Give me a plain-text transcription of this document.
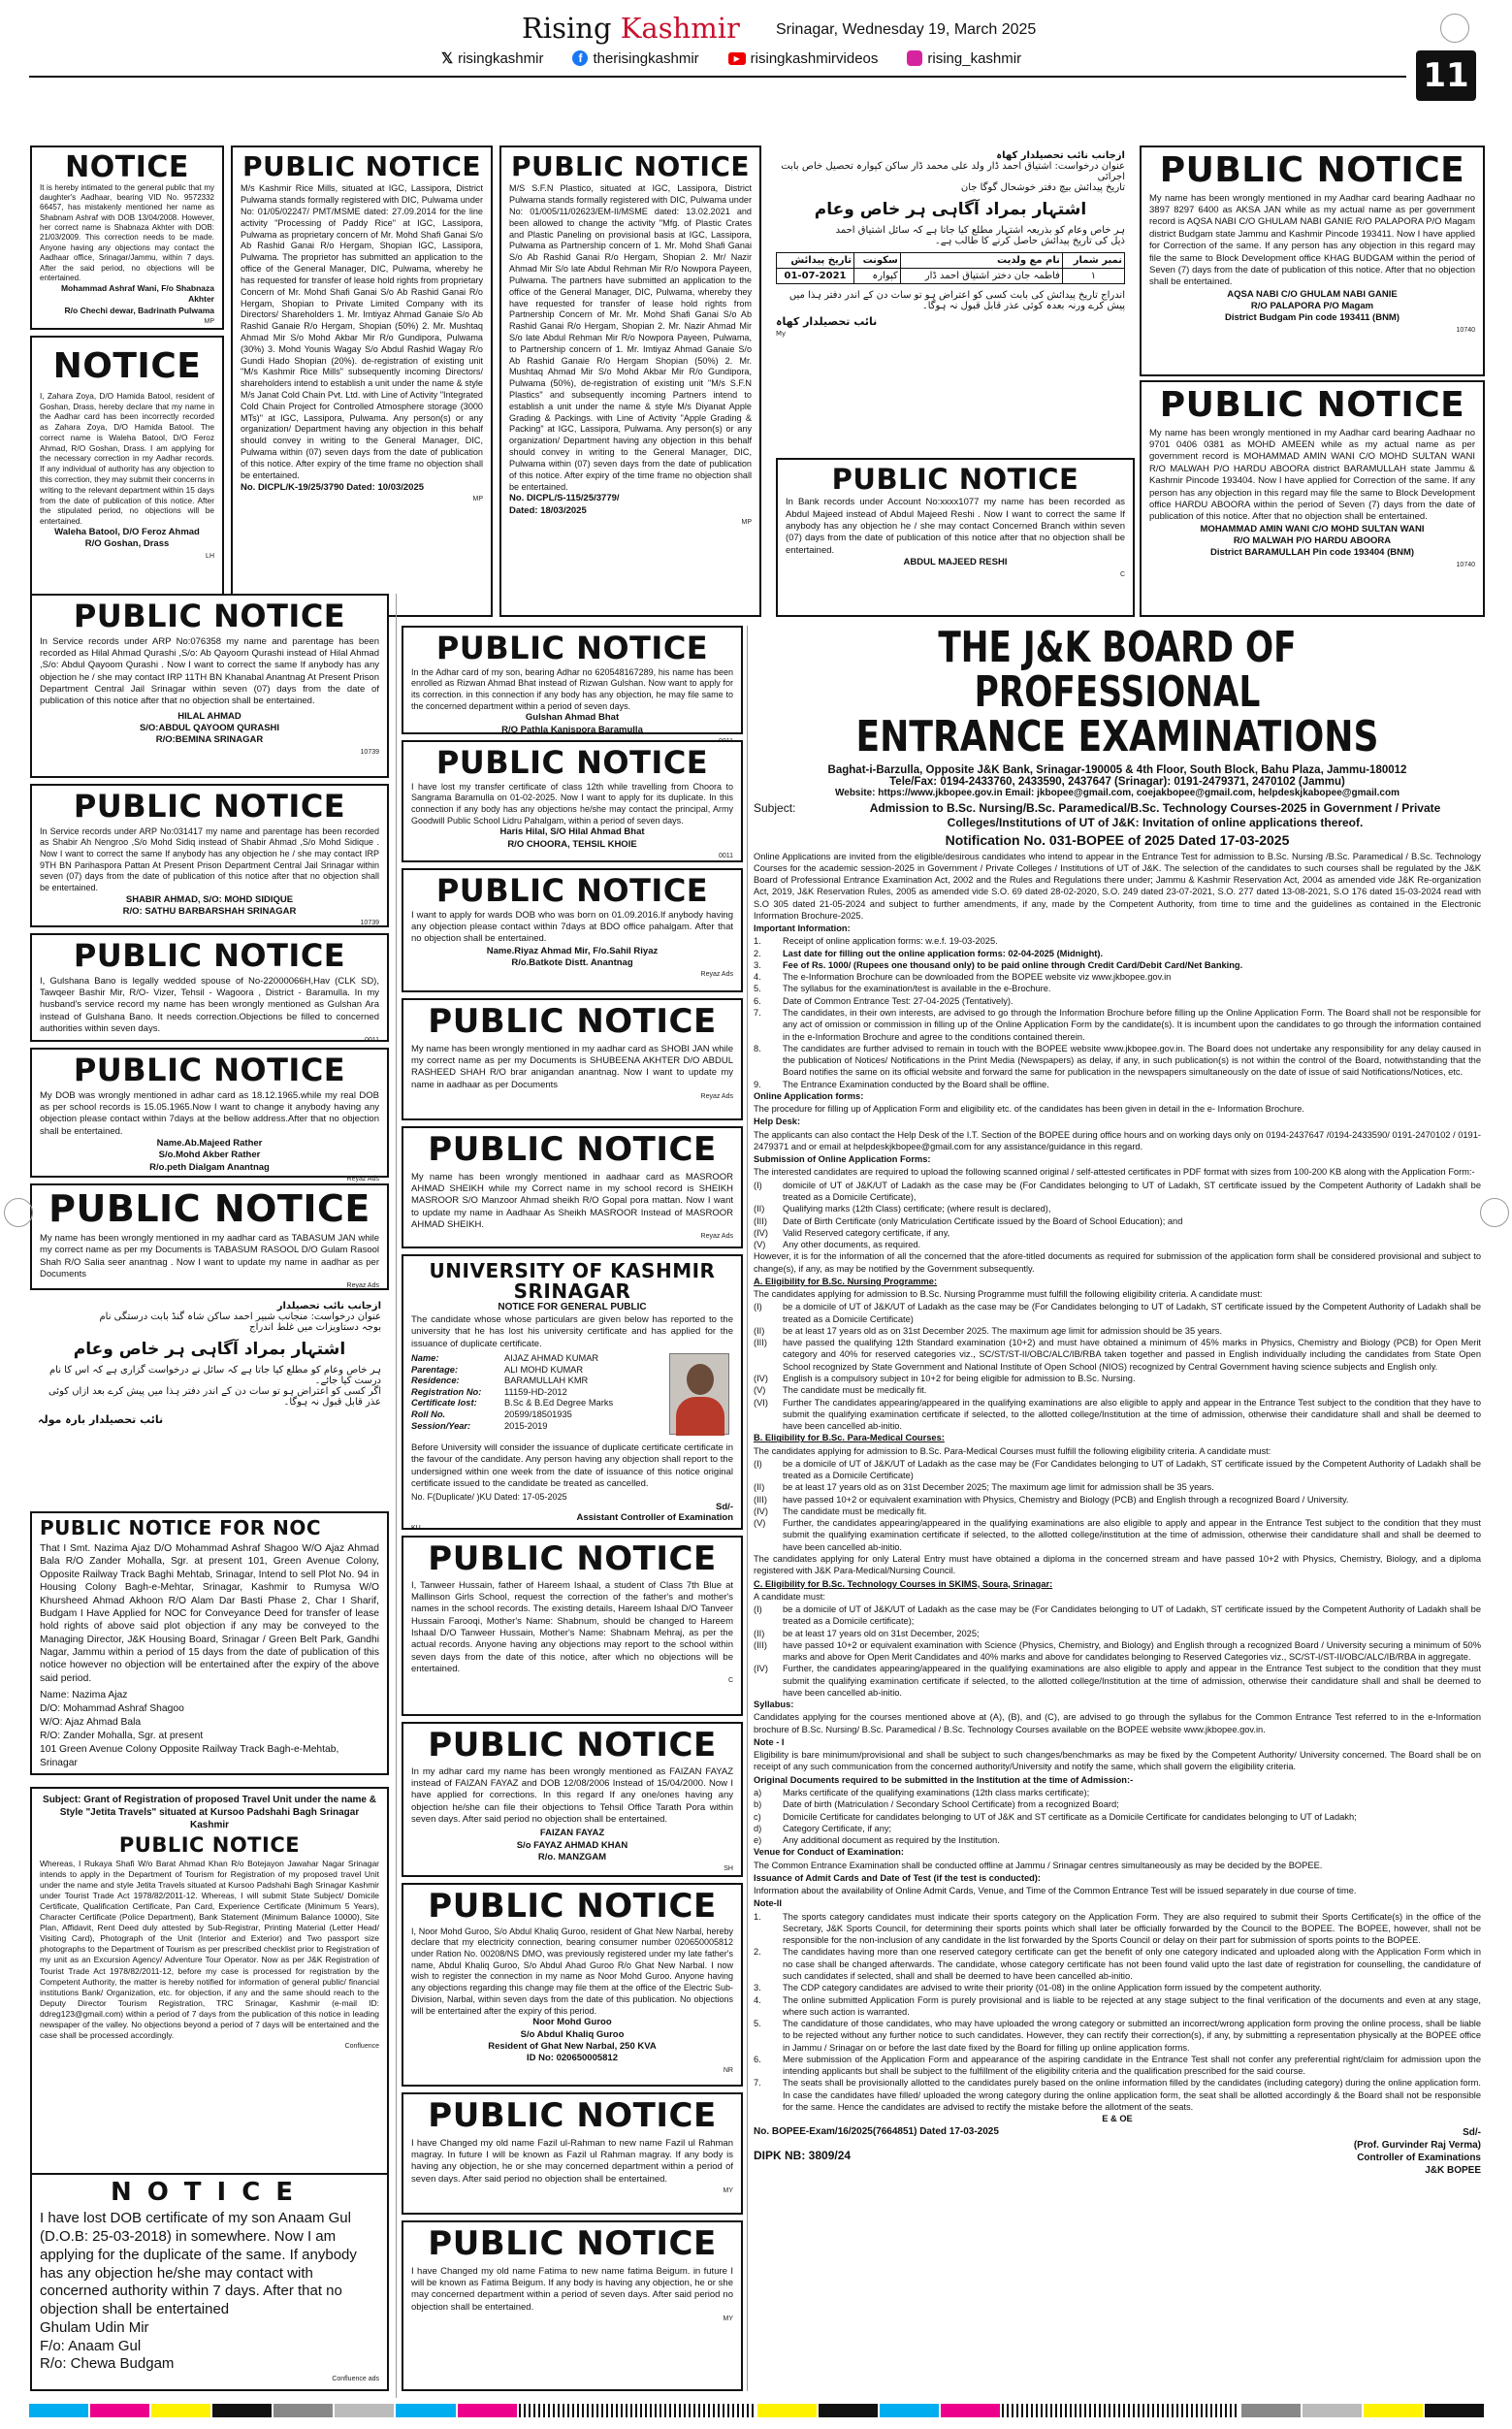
Rising Kashmir Srinagar, Wednesday 19, March 2025
11
𝕏 risingkashmir	f therisingkashmir	▶ risingkashmirvideos	rising_kashmir
NOTICE
It is hereby intimated to the general public that my daughter's Aadhaar, bearing VID No. 9572332 66457, has mistakenly mentioned her name as Shabnam Ashraf with DOB 13/04/2008. However, her correct name is Shabnaza Akhter with DOB: 21/03/2009. This correction needs to be made. Anyone having any objections may contact the Aadhaar office, Srinagar/Jammu, within 7 days. After the said period, no objections will be entertained.
Mohammad Ashraf Wani, F/o Shabnaza Akhter
R/o Chechi dewar, Badrinath Pulwama
MP
NOTICE
I, Zahara Zoya, D/O Hamida Batool, resident of Goshan, Drass, hereby declare that my name in the Aadhar card has been incorrectly recorded as Zahara Zoya, D/O Hamida Batool. The correct name is Waleha Batool, D/O Feroz Ahmad, R/O Goshan, Drass. I am applying for the necessary correction in my Aadhar records. If any individual of authority has any objection to this correction, they may submit their concerns in writing to the relevant department within 15 days from the date of publication of this notice. After the stipulated period, no objections will be entertained.
Waleha Batool, D/O Feroz Ahmad
R/O Goshan, Drass
LH
PUBLIC NOTICE
M/s Kashmir Rice Mills, situated at IGC, Lassipora, District Pulwama stands formally registered with DIC, Pulwama under No: 01/05/02247/ PMT/MSME dated: 27.09.2014 for the line activity "Processing of Paddy Rice" at IGC, Lassipora, Pulwama as proprietary concern of Mr. Mohd Shafi Ganai S/o Ab Rashid Ganai R/o Hergam, Shopian IGC, Lassipora, Pulwama. The proprietor has submitted an application to the office of the General Manager, DIC, Pulwama, whereby he has requested for transfer of lease hold rights from proprietary Concern of Mr. Mohd Shafi Ganai S/o Ab Rashid Ganai R/o Hergam, Shopian to Private Limited Company with its Directors/ Shareholders 1. Mr. Imtiyaz Ahmad Ganaie S/o Ab Rashid Ganaie R/o Hergam, Shopian (50%) 2. Mr. Mushtaq Ahmad Mir S/o Mohd Akbar Mir R/o Gundipora, Pulwama (30%) 3. Mohd Younis Wagay S/o Abdul Rashid Wagay R/o Gundi Hado Shopian (20%). de-registration of existing unit "M/s Kashmir Rice Mills" subsequently incoming Directors/ shareholders intend to establish a unit under the name & style M/s Janat Cold Chain Pvt. Ltd. with Line of Activity "Integrated Cold Chain Project for Controlled Atmosphere storage (3000 MTs)" at IGC, Lassipora, Pulwama. Any person(s) or any organization/ Department having any objection in this behalf should convey in writing to the General Manager, DIC, Pulwama within (07) seven days from the date of publication of this notice. After expiry of the time frame no objection shall be entertained.
No. DICPL/K-19/25/3790 Dated: 10/03/2025
MP
PUBLIC NOTICE
M/S S.F.N Plastico, situated at IGC, Lassipora, District Pulwama stands formally registered with DIC, Pulwama under No: 01/005/11/02623/EM-II/MSME dated: 13.02.2021 and been allowed to change the activity "Mfg. of Plastic Crates and Plastic Paneling on provisional basis at IGC, Lassipora, Pulwama as Partnership concern of 1. Mr. Mohd Shafi Ganai S/o Ab Rashid Ganai R/o Hergam, Shopian 2. Mr/ Nazir Ahmad Mir S/o late Abdul Rehman Mir R/o Nowpora Payeen, Pulwama. The partners have submitted an application to the office of the General Manager, DIC, Pulwama, whereby they have requested for transfer of lease hold rights from Partnership Concern of Mr. Mr. Mohd Shafi Ganai S/o Ab Rashid Ganai R/o Hergam, Shopian 2. Mr. Nazir Ahmad Mir S/o late Abdul Rehman Mir R/o Nowpora Payeen, Pulwama, to Partnership concern of 1. Mr. Imtiyaz Ahmad Ganaie S/o Ab Rashid Ganaie R/o Hergam Shopian (50%) 2. Mr. Mushtaq Ahmad Mir S/o Mohd Akbar Mir R/o Gundipora, Pulwama (50%), de-registration of existing unit "M/s S.F.N Plastics" and subsequently incoming Partners intend to establish a unit under the name & style M/s Diyanat Apple Grading & Packings. with Line of Activity "Apple Grading & Packing" at IGC, Lassipora, Pulwama. Any person(s) or any organization/ Department having any objection in this behalf should convey in writing to the General Manager, DIC, Pulwama within (07) seven days from the date of publication of this notice. After expiry of the time frame no objection shall be entertained.
No. DICPL/S-115/25/3779/
Dated: 18/03/2025
MP
ازجانب نائب تحصیلدار کھاہ
عنوان درخواست: اشتیاق احمد ڈار ولد علی محمد ڈار ساکن کپوارہ تحصیل خاص بابت اجرائی
تاریخ پیدائش بیچ دفتر خوشحال گوگا جان
اشتہار بمراد آگاہی ہر خاص وعام
ہر خاص وعام کو بذریعہ اشتہار مطلع کیا جاتا ہے کہ سائل اشتیاق احمد
ذیل کی تاریخ پیدائش حاصل کرنے کا طالب ہے۔
نمبر شمار	نام مع ولدیت	سکونت	تاریخ پیدائش
۱	فاطمہ جان دختر اشتیاق احمد ڈار	کپوارہ	01-07-2021
اندراج تاریخ پیدائش کی بابت کسی کو اعتراض ہو تو سات دن کے اندر دفتر ہذا میں پیش کرے ورنہ بعدہ کوئی عذر قابل قبول نہ ہوگا۔
نائب تحصیلدار کھاہ
My
PUBLIC NOTICE
In Bank records under Account No:xxxx1077 my name has been recorded as Abdul Majeed instead of Abdul Majeed Reshi . Now I want to correct the same If anybody has any objection he / she may contact Concerned Branch within seven (07) days from the date of publication of this notice after that no objection shall be entertained.
ABDUL MAJEED RESHI
C
PUBLIC NOTICE
My name has been wrongly mentioned in my Aadhar card bearing Aadhaar no 3897 8297 6400 as AKSA JAN while as my actual name as per government record is AQSA NABI C/O GHULAM NABI GANIE R/O PALAPORA P/O Magam district Budgam state Jammu and Kashmir Pincode 193411. Now I have applied for Correction of the same. If any person has any objection in this regard may file the same to Block Development office KHAG BUDGAM within the period of Seven (7) days from the date of publication of this notice. After that no objection shall be entertained.
AQSA NABI C/O GHULAM NABI GANIE
R/O PALAPORA P/O Magam
District Budgam Pin code 193411 (BNM)
10740
PUBLIC NOTICE
My name has been wrongly mentioned in my Aadhar card bearing Aadhaar no 9701 0406 0381 as MOHD AMEEN while as my actual name as per government record is MOHAMMAD AMIN WANI C/O MOHD SULTAN WANI R/O MALWAH P/O HARDU ABOORA district BARAMULLAH state Jammu & Kashmir Pincode 193404. Now I have applied for Correction of the same. If any person has any objection in this regard may file the same to Block Development office HARDU ABOORA within the period of Seven (7) days from the date of publication of this notice. After that no objection shall be entertained.
MOHAMMAD AMIN WANI C/O MOHD SULTAN WANI
R/O MALWAH P/O HARDU ABOORA
District BARAMULLAH Pin code 193404 (BNM)
10740
PUBLIC NOTICE
In Service records under ARP No:076358 my name and parentage has been recorded as Hilal Ahmad Qurashi ,S/o: Ab Qayoom Qurashi instead of Hilal Ahmad ,S/o: Abdul Qayoom Qurashi . Now I want to correct the same If anybody has any objection he / she may contact IRP 11TH BN Khanabal Anantnag At Present Prison Department Central Jail Srinagar within seven (07) days from the date of publication of this notice after that no objection shall be entertained.
HILAL AHMAD
S/O:ABDUL QAYOOM QURASHI
R/O:BEMINA SRINAGAR
10739
PUBLIC NOTICE
In Service records under ARP No:031417 my name and parentage has been recorded as Shabir Ah Nengroo ,S/o Mohd Sidiq instead of Shabir Ahmad ,S/o Mohd Sidique . Now I want to correct the same If anybody has any objection he / she may contact IRP 9TH BN Parihaspora Pattan At Present Prison Department Central Jail Srinagar within seven (07) days from the date of publication of this notice after that no objection shall be entertained.
SHABIR AHMAD, S/O: MOHD SIDIQUE
R/O: SATHU BARBARSHAH SRINAGAR
10739
PUBLIC NOTICE
I, Gulshana Bano is legally wedded spouse of No-22000066H,Hav (CLK SD), Tawqeer Bashir Mir, R/O- Vizer, Tehsil - Wagoora , District - Baramulla. In my husband's service record my name has been wrongly mentioned as Gulshan Ara instead of Gulshana Bano. It needs correction.Objections be filled to concerned authorities within seven days.
0011
PUBLIC NOTICE
My DOB was wrongly mentioned in adhar card as 18.12.1965.while my real DOB as per school records is 15.05.1965.Now I want to change it anybody having any objection please contact within 7days at the bellow address.After that no objection shall be entertained.
Name.Ab.Majeed Rather
S/o.Mohd Akber Rather
R/o.peth Dialgam Anantnag
Reyaz Ads
PUBLIC NOTICE
My name has been wrongly mentioned in my aadhar card as TABASUM JAN while my correct name as per my Documents is TABASUM RASOOL D/O Gulam Rasool Shah R/O Salia seer anantnag . Now I want to update my name in aadhar as per Documents
Reyaz Ads
ازجانب نائب تحصیلدار
عنوان درخواست: منجانب شبیر احمد ساکن شاہ گنڈ بابت درستگی نام
بوجہ دستاویزات میں غلط اندراج
اشتہار بمراد آگاہی ہر خاص وعام
ہر خاص وعام کو مطلع کیا جاتا ہے کہ سائل نے درخواست گزاری ہے کہ اس کا نام درست کیا جائے۔
اگر کسی کو اعتراض ہو تو سات دن کے اندر دفتر ہذا میں پیش کرے بعد ازاں کوئی عذر قابل قبول نہ ہوگا۔
نائب تحصیلدار بارہ مولہ
PUBLIC NOTICE FOR NOC
That I Smt. Nazima Ajaz D/O Mohammad Ashraf Shagoo W/O Ajaz Ahmad Bala R/O Zander Mohalla, Sgr. at present 101, Green Avenue Colony, Opposite Railway Track Baghi Mehtab, Srinagar, Intend to sell Plot No. 94 in Housing Colony Bagh-e-Mehtar, Srinagar, Kashmir to Rumysa W/O Khursheed Ahmad Akhoon R/O Alam Dar Basti Phase 2, Char I Sharif, Budgam I Have Applied for NOC for Conveyance Deed for transfer of lease hold rights of above said plot objection if any may be conveyed to the Managing Director, J&K Housing Board, Srinagar / Green Belt Park, Gandhi Nagar, Jammu within a period of 15 days from the date of publication of this notice however no objection will be entertained after the expiry of the above said period.
Name: Nazima Ajaz
D/O: Mohammad Ashraf Shagoo
W/O: Ajaz Ahmad Bala
R/O: Zander Mohalla, Sgr. at present
101 Green Avenue Colony Opposite Railway Track Bagh-e-Mehtab, Srinagar
Subject: Grant of Registration of proposed Travel Unit under the name & Style "Jetita Travels" situated at Kursoo Padshahi Bagh Srinagar Kashmir
PUBLIC NOTICE
Whereas, I Rukaya Shafi W/o Barat Ahmad Khan R/o Botejayon Jawahar Nagar Srinagar intends to apply in the Department of Tourism for Registration of my proposed travel Unit under the name and style Jetita Travels situated at Kursoo Padshahi Bagh Srinagar Kashmir under Tourist Trade Act 1978/82/2011-12. Whereas, I will submit State Subject/ Domicile Certificate, Qualification Certificate, Pan Card, Experience Certificate (Minimum 5 Years), Character Certificate (Police Department), Bank Statement (Minimum Balance 10000), Site Plan, Affidavit, Rent Deed duly attested by Sub-Registrar, Printing Material (Letter Head/ Visiting Card), Photograph of the Unit (Interior and Exterior) and Two passport size photographs to the Department of Tourism as per prescribed checklist prior to Registration of my unit as an Excursion Agency/ Adventure Tour Operator. Now as per J&K Registration of Tourist Trade Act 1978/82/2011-12, before my case is processed for registration by the Competent Authority, the matter is hereby notified for information of general public/ financial institutions Bank/ Organization, etc. for objection, if any and the same should reach to the Deputy Director Tourism Registration, TRC Srinagar, Kashmir (e-mail ID: ddreg123@gmail.com) within a period of 7 days from the publication of this notice in leading newspaper of the valley. No objections beyond a period of 7 days will be entertained and the case shall be processed accordingly.
Confluence
NOTICE
I have lost DOB certificate of my son Anaam Gul (D.O.B: 25-03-2018) in somewhere. Now I am applying for the duplicate of the same. If anybody has any objection he/she may contact with concerned authority within 7 days. After that no objection shall be entertained
Ghulam Udin Mir
F/o: Anaam Gul
R/o: Chewa Budgam
Confluence ads
PUBLIC NOTICE
In the Adhar card of my son, bearing Adhar no 620548167289, his name has been enrolled as Rizwan Ahmad Bhat instead of Rizwan Gulshan. Now want to apply for its correction. in this connection if any body has any objection, he may file same to the concerned department within a period of seven days.
Gulshan Ahmad Bhat
R/O Pathla Kanispora Baramulla
PUBLIC NOTICE
I have lost my transfer certificate of class 12th while travelling from Choora to Sangrama Baramulla on 01-02-2025. Now I want to apply for its duplicate. In this connection if any body has any objections he/she may contact the principal, Army Goodwill Public School Lidru Pahalgam, within a period of seven days.
Haris Hilal, S/O Hilal Ahmad Bhat
R/O CHOORA, TEHSIL KHOIE
0011
PUBLIC NOTICE
I want to apply for wards DOB who was born on 01.09.2016.If anybody having any objection please contact within 7days at BDO office pahalgam. After that no objection shall be entertained.
Name.Riyaz Ahmad Mir, F/o.Sahil Riyaz
R/o.Batkote Distt. Anantnag
Reyaz Ads
PUBLIC NOTICE
My name has been wrongly mentioned in my aadhar card as SHOBI JAN while my correct name as per my Documents is SHUBEENA AKHTER D/O ABDUL RASHEED SHAH R/O brar anigandan anantnag. Now I want to update my name in aadhaar as per Documents
Reyaz Ads
PUBLIC NOTICE
My name has been wrongly mentioned in aadhaar card as MASROOR AHMAD SHEIKH while my Correct name in my school record is SHEIKH MASROOR S/O Manzoor Ahmad sheikh R/O Gopal pora mattan. Now I want to update my name in Aadhaar As Sheikh MASROOR Instead of MASROOR AHMAD SHEIKH.
Reyaz Ads
UNIVERSITY OF KASHMIR SRINAGAR
NOTICE FOR GENERAL PUBLIC
The candidate whose whose particulars are given below has reported to the university that he has lost his university certificate and has applied for the issuance of duplicate certificate.
Name:	AIJAZ AHMAD KUMAR
Parentage:	ALI MOHD KUMAR
Residence:	BARAMULLAH KMR
Registration No:	11159-HD-2012
Certificate lost:	B.Sc & B.Ed Degree Marks
Roll No.	20599/18501935
Session/Year:	2015-2019
Before University will consider the issuance of duplicate certificate certificate in the favour of the candidate. Any person having any objection shall report to the undersigned within one week from the date of issuance of this notice original certificate issued to the candidate be treated as cancelled.
No. F(Duplicate/ )KU Dated: 17-05-2025
Sd/-
Assistant Controller of Examination
KU
PUBLIC NOTICE
I, Tanweer Hussain, father of Hareem Ishaal, a student of Class 7th Blue at Mallinson Girls School, request the correction of the father's and mother's names in the school records. The existing details, Hareem Ishaal D/O Tanveer Hussain Farooqi, Mother's Name: Shabnum, should be changed to Hareem Ishaal D/O Tanweer Hussain, Mother's Name: Shabnam Mehraj, as per the actual records. Anyone having any objections may report to the school within seven days from the date of this notice, after which no objections will be entertained.
C
PUBLIC NOTICE
In my adhar card my name has been wrongly mentioned as FAIZAN FAYAZ instead of FAIZAN FAYAZ and DOB 12/08/2006 Instead of 15/04/2000. Now I have applied for corrections. In this regard If any one/ones having any objection he/she can file their objections to Tehsil Office Tarath Pora within seven days. After said period no objection shall be entertained.
FAIZAN FAYAZ
S/o FAYAZ AHMAD KHAN
R/o. MANZGAM
SH
PUBLIC NOTICE
I, Noor Mohd Guroo, S/o Abdul Khaliq Guroo, resident of Ghat New Narbal, hereby declare that my electricity connection, bearing consumer number 020650005812 under Ration No. 00208/NS DMO, was previously registered under my late father's name, Abdul Khaliq Guroo, S/o Abdul Ahad Guroo R/o Ghat New Narbal. I now wish to register the connection in my name as Noor Mohd Guroo. Anyone having any objections regarding this change may file them at the office of the Electric Sub-Division, Narbal, within seven days from the date of this publication. No objections will be entertained after the expiry of this period.
Noor Mohd Guroo
S/o Abdul Khaliq Guroo
Resident of Ghat New Narbal, 250 KVA
ID No: 020650005812
NR
PUBLIC NOTICE
I have Changed my old name Fazil ul-Rahman to new name Fazil ul Rahman magray. In future I will be known as Fazil ul Rahman magray. If any body is having any objection, he or she may concerned department within a period of seven days. After said period no objection shall be entertained.
MY
PUBLIC NOTICE
I have Changed my old name Fatima to new name fatima Beigum. in future I will be known as Fatima Beigum. If any body is having any objection, he or she may concerned department within a period of seven days. After said period no objection shall be entertained.
MY
THE J&K BOARD OF PROFESSIONAL
ENTRANCE EXAMINATIONS
Baghat-i-Barzulla, Opposite J&K Bank, Srinagar-190005 & 4th Floor, South Block, Bahu Plaza, Jammu-180012
Tele/Fax: 0194-2433760, 2433590, 2437647 (Srinagar): 0191-2479371, 2470102 (Jammu)
Website: https://www.jkbopee.gov.in Email: jkbopee@gmail.com, coejakbopee@gmail.com, helpdeskjkabopee@gmail.com
Subject:	Admission to B.Sc. Nursing/B.Sc. Paramedical/B.Sc. Technology Courses-2025 in Government / Private Colleges/Institutions of UT of J&K: Invitation of online applications thereof.
Notification No. 031-BOPEE of 2025 Dated 17-03-2025

Online Applications are invited from the eligible/desirous candidates who intend to appear in the Entrance Test for admission to B.Sc. Nursing /B.Sc. Paramedical / B.Sc. Technology Courses for the academic session-2025 in Government / Private Colleges / Institutions of UT of J&K. The selection of the candidates to such courses shall be regulated by the J&K Board of Professional Entrance Examination Act, 2002 and the Rules and Regulations there under; Jammu & Kashmir Reservation Act, 2004 as amended vide J&K Re-organization Act, 2019, J&K Reservation Rules, 2005 as amended vide S.O. 69 dated 28-02-2020, S.O. 249 dated 23-07-2021, S.O. 277 dated 13-08-2021, S.O 176 dated 15-03-2024 read with S.O 305 dated 21-05-2024 and subject to further amendments, if any, made by the Competent Authority, from time to time and the guidelines as contained in the Electronic Information Brochure-2025.

Important Information:

1.	Receipt of online application forms: w.e.f. 19-03-2025.
2.	Last date for filling out the online application forms: 02-04-2025 (Midnight).
3.	Fee of Rs. 1000/ (Rupees one thousand only) to be paid online through Credit Card/Debit Card/Net Banking.
4.	The e-Information Brochure can be downloaded from the BOPEE website viz www.jkbopee.gov.in
5.	The syllabus for the examination/test is available in the e-Brochure.
6.	Date of Common Entrance Test: 27-04-2025 (Tentatively).
7.	The candidates, in their own interests, are advised to go through the Information Brochure before filling up the Online Application Form. The Board shall not be responsible for any act of omission or commission in filling up of the Online Application Form by the candidate(s). It is incumbent upon the candidates to go through the information contained in the e-Information Brochure and agree to the conditions contained therein.
8.	The candidates are further advised to remain in touch with the BOPEE website www.jkbopee.gov.in. The Board does not undertake any responsibility for any delay caused in the publication of Notices/ Notifications in the Print Media (Newspapers) as delay, if any, in such publication(s) is not within the control of the Board, notwithstanding that the Board notifies the same on its official website and forward the same for publication in the newspapers simultaneously on the date of issue of said Notifications/Notices, etc.
9.	The Entrance Examination conducted by the Board shall be offline.

Online Application forms:

The procedure for filling up of Application Form and eligibility etc. of the candidates has been given in detail in the e- Information Brochure.

Help Desk:

The applicants can also contact the Help Desk of the I.T. Section of the BOPEE during office hours and on working days only on 0194-2437647 /0194-2433590/ 0191-2470102 / 0191-2479371 and or email at helpdeskjkbopee@gmail.com for any assistance/guidance in this regard.

Submission of Online Application Forms:

The interested candidates are required to upload the following scanned original / self-attested certificates in PDF format with sizes from 100-200 KB along with the Application Form:-

(I)	domicile of UT of J&K/UT of Ladakh as the case may be (For Candidates belonging to UT of Ladakh, ST certificate issued by the Competent Authority of Ladakh shall be treated as a Domicile Certificate),
(II)	Qualifying marks (12th Class) certificate; (where result is declared),
(III)	Date of Birth Certificate (only Matriculation Certificate issued by the Board of School Education); and
(IV)	Valid Reserved category certificate, if any,
(V)	Any other documents, as required.

However, it is for the information of all the concerned that the afore-titled documents as required for submission of the application form shall be considered provisional and subject to change(s), if any, as may be notified by the Government subsequently.

A. Eligibility for B.Sc. Nursing Programme:

The candidates applying for admission to B.Sc. Nursing Programme must fulfill the following eligibility criteria. A candidate must:

(I)	be a domicile of UT of J&K/UT of Ladakh as the case may be (For Candidates belonging to UT of Ladakh, ST certificate issued by the Competent Authority of Ladakh shall be treated as a Domicile Certificate)
(II)	be at least 17 years old as on 31st December 2025. The maximum age limit for admission should be 35 years.
(III)	have passed the qualifying 12th Standard examination (10+2) and must have obtained a minimum of 45% marks in Physics, Chemistry and Biology (PCB) for Open Merit category and 40% for reserved categories viz., SC/ST/ST-II/OBC/ALC/IB/RBA taken together and passed in English individually including the candidates from State Open School recognized by State Government and National Institute of Open School (NIOS) recognized by Central Government having science subjects and English only.
(IV)	English is a compulsory subject in 10+2 for being eligible for admission to B.Sc. Nursing.
(V)	The candidate must be medically fit.
(VI)	Further The candidates appearing/appeared in the qualifying examinations are also eligible to apply and appear in the Entrance Test subject to the condition that they have to submit the qualifying examination certificate if selected, to the allotted college/Institution at the time of admission, otherwise their candidature shall and shall be deemed to have been cancelled ab-initio.

B. Eligibility for B.Sc. Para-Medical Courses:

The candidates applying for admission to B.Sc. Para-Medical Courses must fulfill the following eligibility criteria. A candidate must:

(I)	be a domicile of UT of J&K/UT of Ladakh as the case may be (For Candidates belonging to UT of Ladakh, ST certificate issued by the Competent Authority of Ladakh shall be treated as a Domicile Certificate)
(II)	be at least 17 years old as on 31st December 2025; The maximum age limit for admission shall be 35 years.
(III)	have passed 10+2 or equivalent examination with Physics, Chemistry and Biology (PCB) and English through a recognized Board / University.
(IV)	The candidate must be medically fit.
(V)	Further, the candidates appearing/appeared in the qualifying examinations are also eligible to apply and appear in the Entrance Test subject to the condition that they must submit the qualifying examination certificate if selected, to the allotted college/institution at the time of admission, otherwise their candidature shall and shall be deemed to have been cancelled ab-initio.

The candidates applying for only Lateral Entry must have obtained a diploma in the concerned stream and have passed 10+2 with Physics, Chemistry, Biology, and a diploma registered with J&K Para-Medical/Nursing Council.

C. Eligibility for B.Sc. Technology Courses in SKIMS, Soura, Srinagar:

A candidate must:

(I)	be a domicile of UT of J&K/UT of Ladakh as the case may be (For Candidates belonging to UT of Ladakh, ST certificate issued by the Competent Authority of Ladakh shall be treated as a Domicile certificate);
(II)	be at least 17 years old on 31st December, 2025;
(III)	have passed 10+2 or equivalent examination with Science (Physics, Chemistry, and Biology) and English through a recognized Board / University securing a minimum of 50% marks and above for Open Merit Candidates and 40% marks and above for candidates belonging to Reserved Categories viz., SC/ST-I/ST-II/OBC/ALC/IB/RBA in aggregate.
(IV)	Further, the candidates appearing/appeared in the qualifying examinations are also eligible to apply and appear in the Entrance Test subject to the condition that they must submit the qualifying examination certificate if selected, to the allotted college/Institution at the time of admission, otherwise their candidature shall and shall be deemed to have been cancelled ab-initio.

Syllabus:

Candidates applying for the courses mentioned above at (A), (B), and (C), are advised to go through the syllabus for the Common Entrance Test referred to in the e-Information brochure of B.Sc. Nursing/ B.Sc. Paramedical / B.Sc. Technology Courses available on the BOPEE website www.jkbopee.gov.in.

Note - I

Eligibility is bare minimum/provisional and shall be subject to such changes/benchmarks as may be fixed by the Competent Authority/ University concerned. The Board shall be on receipt of any such communication from the concerned authority/University and notify the same, which shall govern the eligibility criteria.

Original Documents required to be submitted in the Institution at the time of Admission:-

a)	Marks certificate of the qualifying examinations (12th class marks certificate);
b)	Date of birth (Matriculation / Secondary School Certificate) from a recognized Board;
c)	Domicile Certificate for candidates belonging to UT of J&K and ST certificate as a Domicile Certificate for candidates belonging to UT of Ladakh;
d)	Category Certificate, if any;
e)	Any additional document as required by the Institution.

Venue for Conduct of Examination:

The Common Entrance Examination shall be conducted offline at Jammu / Srinagar centres simultaneously as may be decided by the BOPEE.

Issuance of Admit Cards and Date of Test (if the test is conducted):

Information about the availability of Online Admit Cards, Venue, and Time of the Common Entrance Test will be issued separately in due course of time.

Note-II

1.	The sports category candidates must indicate their sports category on the Application Form. They are also required to submit their Sports Certificate(s) in the office of the Secretary, J&K Sports Council, for determining their sports points which shall later be officially forwarded by the Council to the BOPEE. The BOPEE, however, shall not be responsible for the non-inclusion of any candidate in the list forwarded by the Sports Council or delay on their part for submission of sports points to the BOPEE.
2.	The candidates having more than one reserved category certificate can get the benefit of only one category indicated and uploaded along with the Application Form which in no case shall be changed afterwards. The candidate, whose category certificate has not been found valid upto the last date of registration for counselling, the candidature of such candidates if selected, shall and shall be deemed to have been cancelled ab-initio.
3.	The CDP category candidates are advised to write their priority (01-08) in the online Application form issued by the competent authority.
4.	The online submitted Application Form is purely provisional and is liable to be rejected at any stage subject to the final verification of the documents and even at any stage, where such action is warranted.
5.	The candidature of those candidates, who may have uploaded the wrong category or submitted an incorrect/wrong application form proving the online process, shall be liable to be rejected without any further notice to such candidates. However, they can rectify their correction(s), if any, by submitting a representation physically at the BOPEE office in Jammu / Srinagar on or before the last date fixed by the Board for filling up online application forms.
6.	Mere submission of the Application Form and appearance of the aspiring candidate in the Entrance Test shall not confer any preferential right/claim for admission upon the intending applicants but shall be subject to the fulfillment of the eligibility criteria and the qualification prescribed for the said course.
7.	The seats shall be provisionally allotted to the candidates purely based on the online information filled by the candidates (including category) during the online application form. In case the candidates have filled/ uploaded the wrong category during the online application form, the seat shall be allotted accordingly & the Board shall not be responsible for the same. Hence the candidates are advised to rectify the mistake before the allotment of the seats.

E & OE

No. BOPEE-Exam/16/2025(7664851) Dated 17-03-2025
DIPK NB: 3809/24
Sd/-
(Prof. Gurvinder Raj Verma)
Controller of Examinations
J&K BOPEE
